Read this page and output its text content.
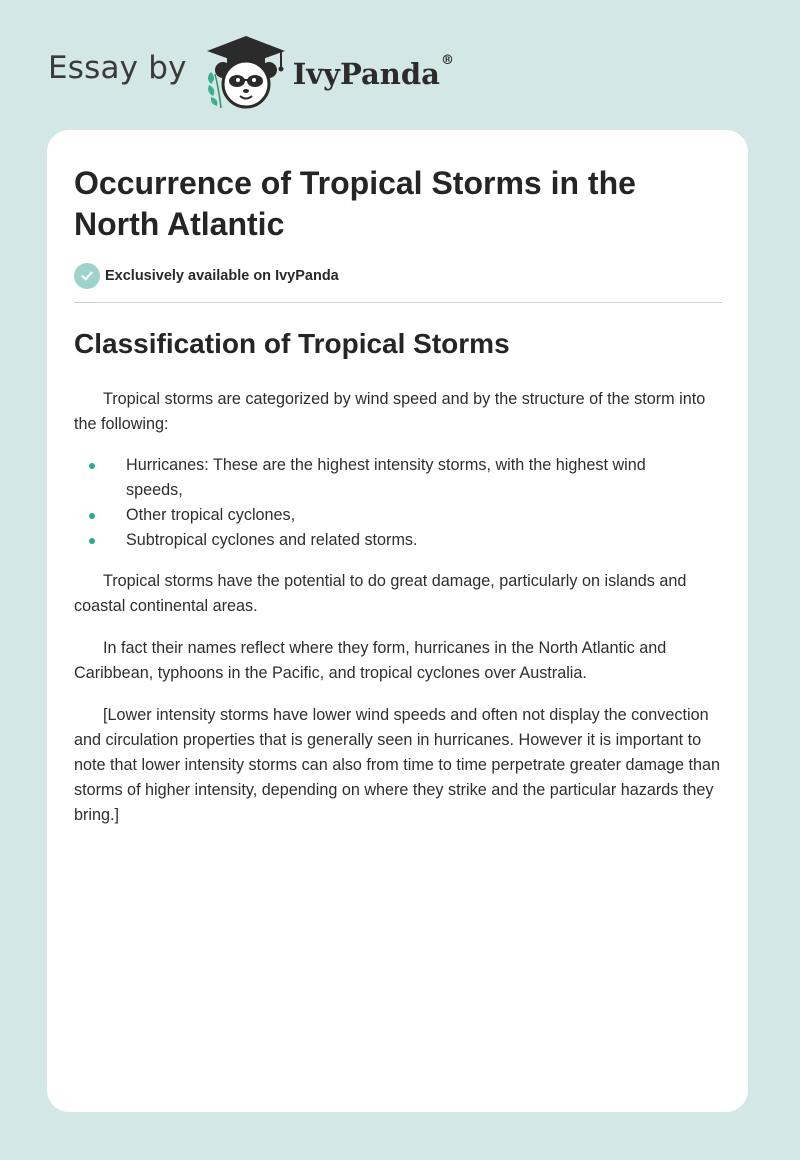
Essay by	IvyPanda®
Occurrence of Tropical Storms in the North Atlantic
Exclusively available on IvyPanda
Classification of Tropical Storms

Tropical storms are categorized by wind speed and by the structure of the storm into the following:

Hurricanes: These are the highest intensity storms, with the highest wind speeds,
Other tropical cyclones,
Subtropical cyclones and related storms.

Tropical storms have the potential to do great damage, particularly on islands and coastal continental areas.

In fact their names reflect where they form, hurricanes in the North Atlantic and Caribbean, typhoons in the Pacific, and tropical cyclones over Australia.

[Lower intensity storms have lower wind speeds and often not display the convection and circulation properties that is generally seen in hurricanes. However it is important to note that lower intensity storms can also from time to time perpetrate greater damage than storms of higher intensity, depending on where they strike and the particular hazards they bring.]
